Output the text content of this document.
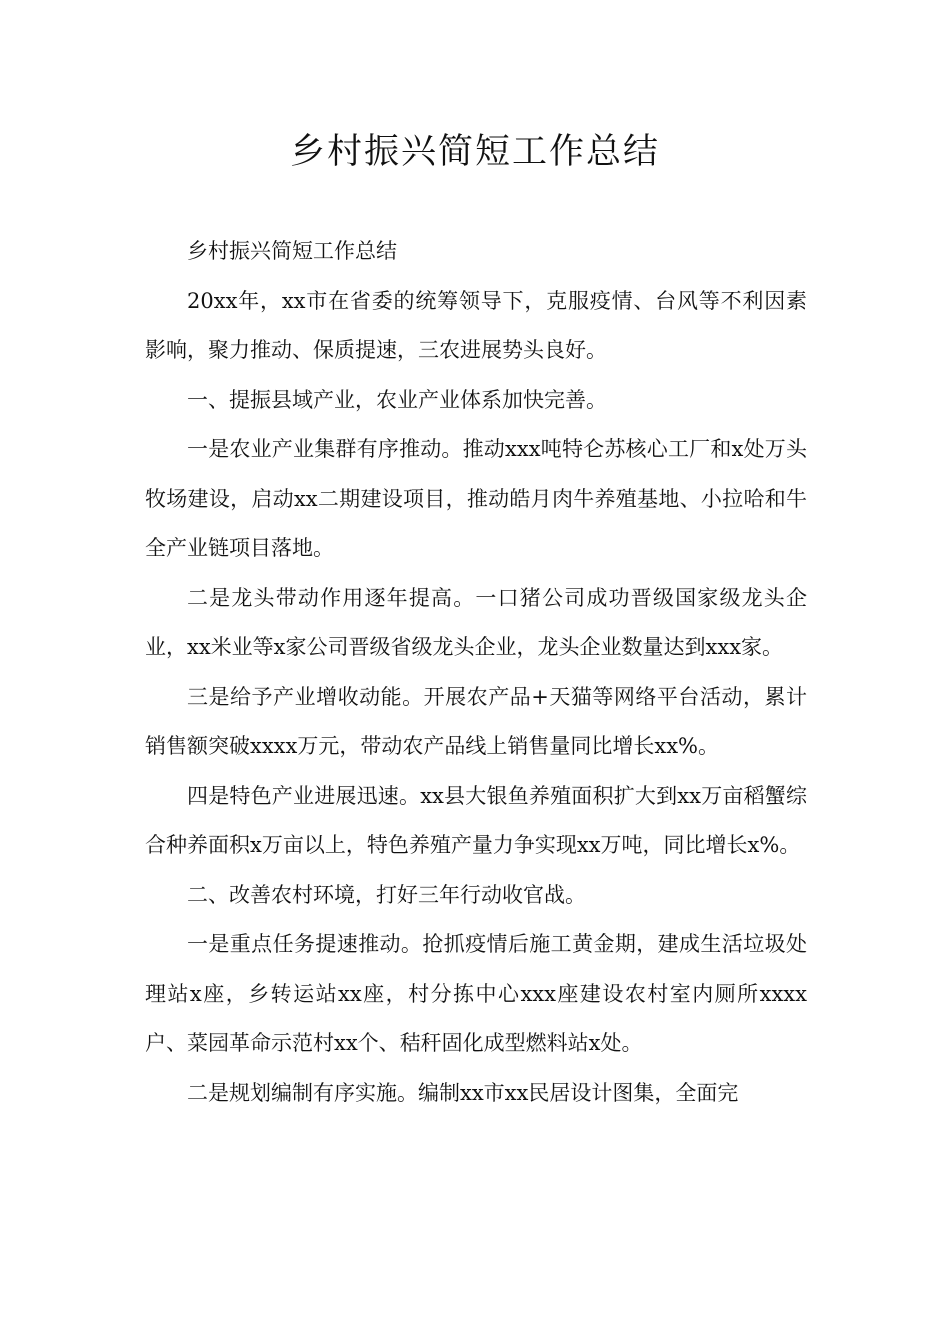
乡村振兴简短工作总结

乡村振兴简短工作总结

20xx年，xx市在省委的统筹领导下，克服疫情、台风等不利因素影响，聚力推动、保质提速，三农进展势头良好。

一、提振县域产业，农业产业体系加快完善。

一是农业产业集群有序推动。推动xxx吨特仑苏核心工厂和x处万头牧场建设，启动xx二期建设项目，推动皓月肉牛养殖基地、小拉哈和牛全产业链项目落地。

二是龙头带动作用逐年提高。一口猪公司成功晋级国家级龙头企业，xx米业等x家公司晋级省级龙头企业，龙头企业数量达到xxx家。

三是给予产业增收动能。开展农产品+天猫等网络平台活动，累计销售额突破xxxx万元，带动农产品线上销售量同比增长xx%。

四是特色产业进展迅速。xx县大银鱼养殖面积扩大到xx万亩稻蟹综合种养面积x万亩以上，特色养殖产量力争实现xx万吨，同比增长x%。

二、改善农村环境，打好三年行动收官战。

一是重点任务提速推动。抢抓疫情后施工黄金期，建成生活垃圾处理站x座，乡转运站xx座，村分拣中心xxx座建设农村室内厕所xxxx户、菜园革命示范村xx个、秸秆固化成型燃料站x处。

二是规划编制有序实施。编制xx市xx民居设计图集，全面完
